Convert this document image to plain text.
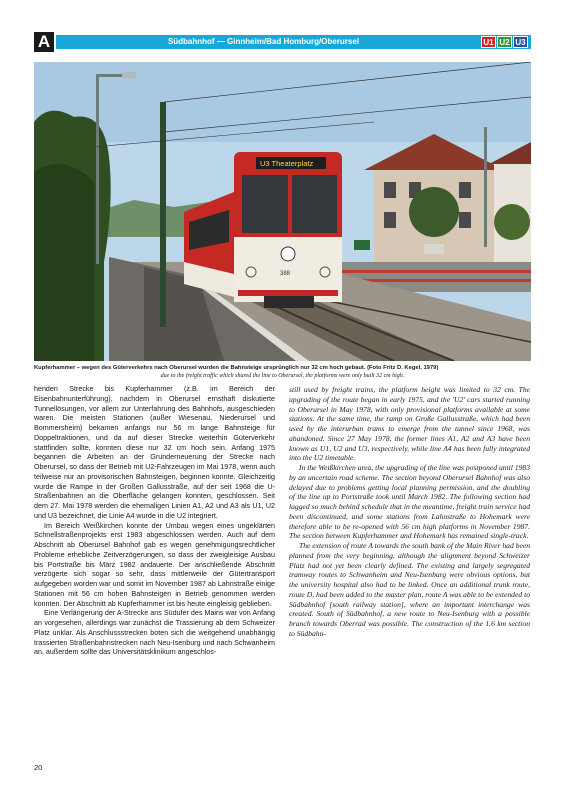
A	Südbahnhof — Ginnheim/Bad Homburg/Oberursel	U1 U2 U3
U3 Theaterplatz
388
Kupferhammer – wegen des Güterverkehrs nach Oberursel wurden die Bahnsteige ursprünglich nur 32 cm hoch gebaut. (Foto Fritz D. Kegel, 1979)
due to the freight traffic which shared the line to Oberursel, the platforms were only built 32 cm high.

henden Strecke bis Kupferhammer (z.B. im Bereich der Eisenbahnunterführung), nachdem in Oberursel ernsthaft diskutierte Tunnellösungen, vor allem zur Unterfahrung des Bahnhofs, ausgeschieden waren. Die meisten Stationen (außer Wiesenau, Niederursel und Bommersheim) bekamen anfangs nur 56 m lange Bahnsteige für Doppeltraktionen, und da auf dieser Strecke weiterhin Güterverkehr stattfinden sollte, konnten diese nur 32 cm hoch sein. Anfang 1975 begannen die Arbeiten an der Grunderneuerung der Strecke nach Oberursel, so dass der Betrieb mit U2-Fahrzeugen im Mai 1978, wenn auch teilweise nur an provisorischen Bahnsteigen, beginnen konnte. Gleichzeitig wurde die Rampe in der Großen Gallusstraße, auf der seit 1968 die U-Straßenbahnen an die Oberfläche gelangen konnten, geschlossen. Seit dem 27. Mai 1978 werden die ehemaligen Linien A1, A2 und A3 als U1, U2 und U3 bezeichnet, die Linie A4 wurde in die U2 integriert.

Im Bereich Weißkirchen konnte der Umbau wegen eines ungeklärten Schnellstraßenprojekts erst 1983 abgeschlossen werden. Auch auf dem Abschnitt ab Oberursel Bahnhof gab es wegen genehmigungsrechtlicher Probleme erhebliche Zeitverzögerungen, so dass der zweigleisige Ausbau bis Portstraße bis März 1982 andauerte. Der anschließende Abschnitt verzögerte sich sogar so sehr, dass mittlerweile der Gütertransport aufgegeben worden war und somit im November 1987 ab Lahnstraße einige Stationen mit 56 cm hohen Bahnsteigen in Betrieb genommen werden konnten. Der Abschnitt ab Kupferhammer ist bis heute eingleisig geblieben.

Eine Verlängerung der A-Strecke ans Südufer des Mains war von Anfang an vorgesehen, allerdings war zunächst die Trassierung ab dem Schweizer Platz unklar. Als Anschlussstrecken boten sich die weitgehend unabhängig trassierten Straßenbahnstrecken nach Neu-Isenburg und nach Schwanheim an, außerdem sollte das Universitätsklinikum angeschlos-

still used by freight trains, the platform height was limited to 32 cm. The upgrading of the route began in early 1975, and the 'U2' cars started running to Oberursel in May 1978, with only provisional platforms available at some stations. At the same time, the ramp on Große Gallusstraße, which had been used by the interurban trams to emerge from the tunnel since 1968, was abandoned. Since 27 May 1978, the former lines A1, A2 and A3 have been known as U1, U2 and U3, respectively, while line A4 has been fully integrated into the U2 timetable.

In the Weißkirchen area, the upgrading of the line was postponed until 1983 by an uncertain road scheme. The section beyond Oberursel Bahnhof was also delayed due to problems getting local planning permission, and the doubling of the line up to Portstraße took until March 1982. The following section had lagged so much behind schedule that in the meantime, freight train service had been discontinued, and some stations from Lahnstraße to Hohemark were therefore able to be re-opened with 56 cm high platforms in November 1987. The section between Kupferhammer and Hohemark has remained single-track.

The extension of route A towards the south bank of the Main River had been planned from the very beginning, although the alignment beyond Schweizer Platz had not yet been clearly defined. The existing and largely segregated tramway routes to Schwanheim and Neu-Isenburg were obvious options, but the university hospital also had to be linked. Once an additional trunk route, route D, had been added to the master plan, route A was able to be extended to Südbahnhof [south railway station], where an important interchange was created. South of Südbahnhof, a new route to Neu-Isenburg with a possible branch towards Oberrad was possible. The construction of the 1.6 km section to Südbahn-

20
